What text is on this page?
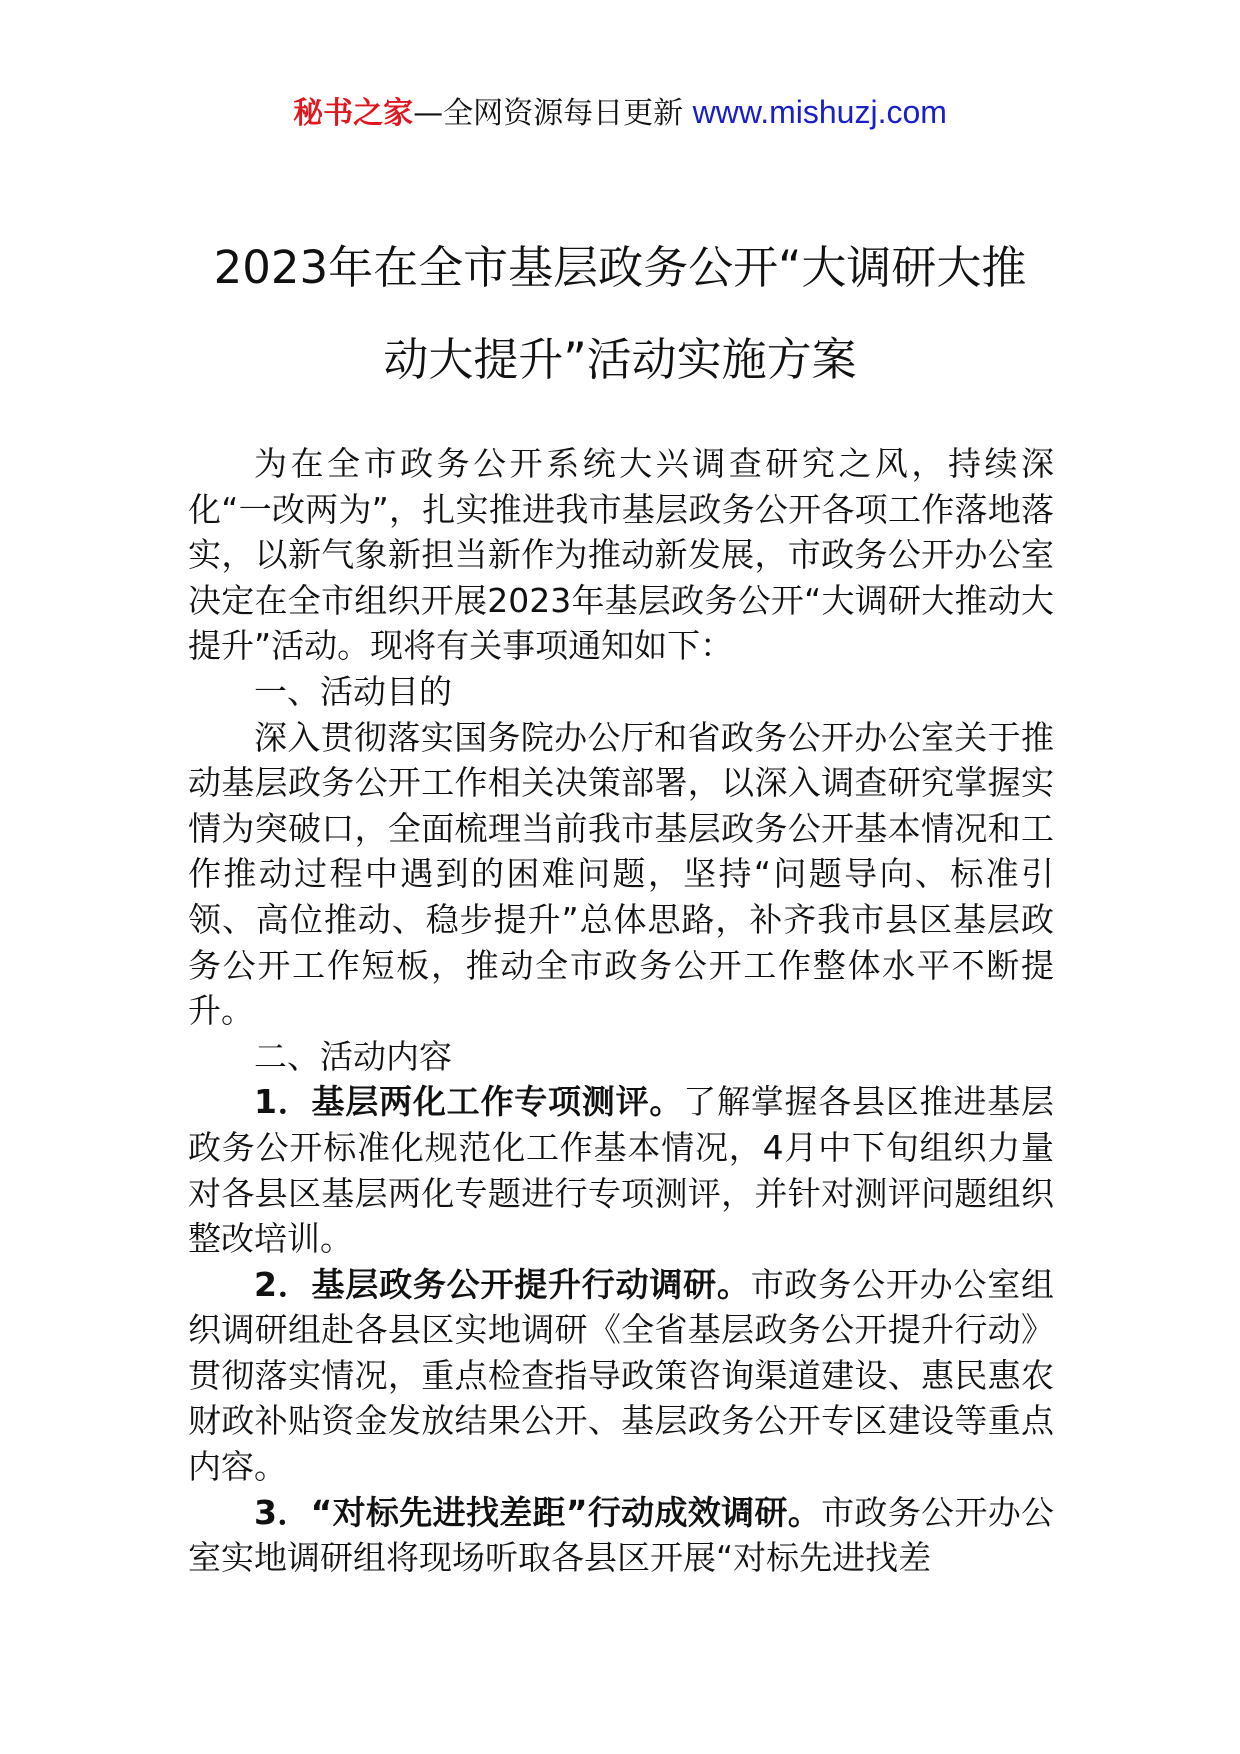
秘书之家—全网资源每日更新 www.mishuzj.com
2023年在全市基层政务公开“大调研大推
动大提升”活动实施方案

为在全市政务公开系统大兴调查研究之风，持续深化“一改两为”，扎实推进我市基层政务公开各项工作落地落实，以新气象新担当新作为推动新发展，市政务公开办公室决定在全市组织开展2023年基层政务公开“大调研大推动大提升”活动。现将有关事项通知如下：

一、活动目的

深入贯彻落实国务院办公厅和省政务公开办公室关于推动基层政务公开工作相关决策部署，以深入调查研究掌握实情为突破口，全面梳理当前我市基层政务公开基本情况和工作推动过程中遇到的困难问题，坚持“问题导向、标准引领、高位推动、稳步提升”总体思路，补齐我市县区基层政务公开工作短板，推动全市政务公开工作整体水平不断提升。

二、活动内容

1．基层两化工作专项测评。了解掌握各县区推进基层政务公开标准化规范化工作基本情况，4月中下旬组织力量对各县区基层两化专题进行专项测评，并针对测评问题组织整改培训。

2．基层政务公开提升行动调研。市政务公开办公室组织调研组赴各县区实地调研《全省基层政务公开提升行动》贯彻落实情况，重点检查指导政策咨询渠道建设、惠民惠农财政补贴资金发放结果公开、基层政务公开专区建设等重点内容。

3．“对标先进找差距”行动成效调研。市政务公开办公室实地调研组将现场听取各县区开展“对标先进找差
